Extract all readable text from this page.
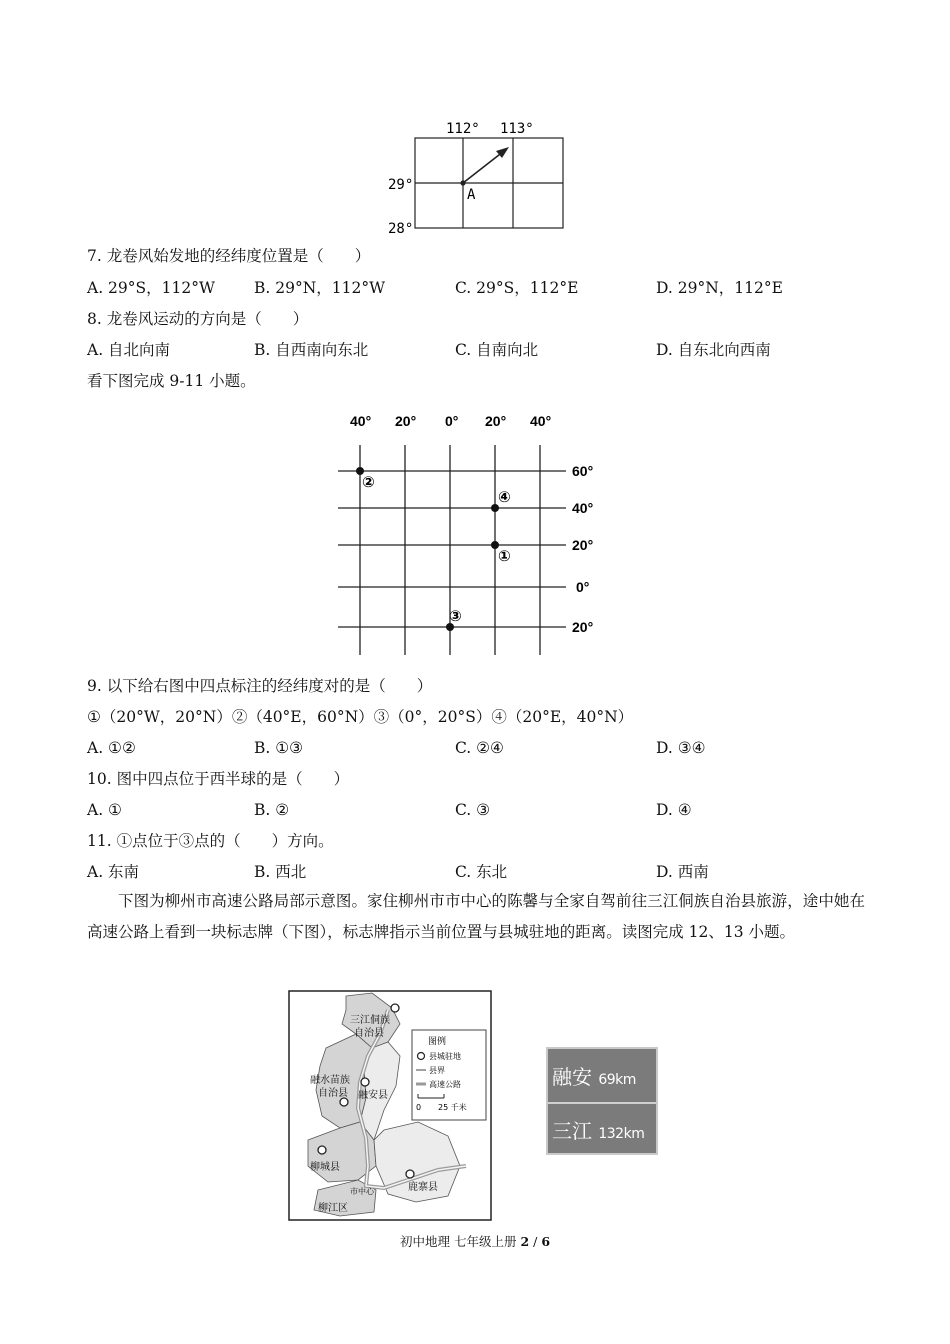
112° 113°
29°
28°
A
7. 龙卷风始发地的经纬度位置是（　　）
A. 29°S，112°W	B. 29°N，112°W	C. 29°S，112°E	D. 29°N，112°E
8. 龙卷风运动的方向是（　　）
A. 自北向南	B. 自西南向东北	C. 自南向北	D. 自东北向西南
看下图完成 9-11 小题。
40° 20° 0° 20° 40°
60°
40°
20°
0°
20°
②
④
①
③
9. 以下给右图中四点标注的经纬度对的是（　　）
①（20°W，20°N）②（40°E，60°N）③（0°，20°S）④（20°E，40°N）
A. ①②	B. ①③	C. ②④	D. ③④
10. 图中四点位于西半球的是（　　）
A. ①	B. ②	C. ③	D. ④
11. ①点位于③点的（　　）方向。
A. 东南	B. 西北	C. 东北	D. 西南
下图为柳州市高速公路局部示意图。家住柳州市市中心的陈馨与全家自驾前往三江侗族自治县旅游，途中她在高速公路上看到一块标志牌（下图），标志牌指示当前位置与县城驻地的距离。读图完成 12、13 小题。
三江侗族
自治县
融水苗族
自治县 融安县
柳城县
鹿寨县
市中心
柳江区
图例
县城驻地
县界
高速公路
0 25 千米
融安 69km
三江 132km
初中地理 七年级上册 2 / 6
